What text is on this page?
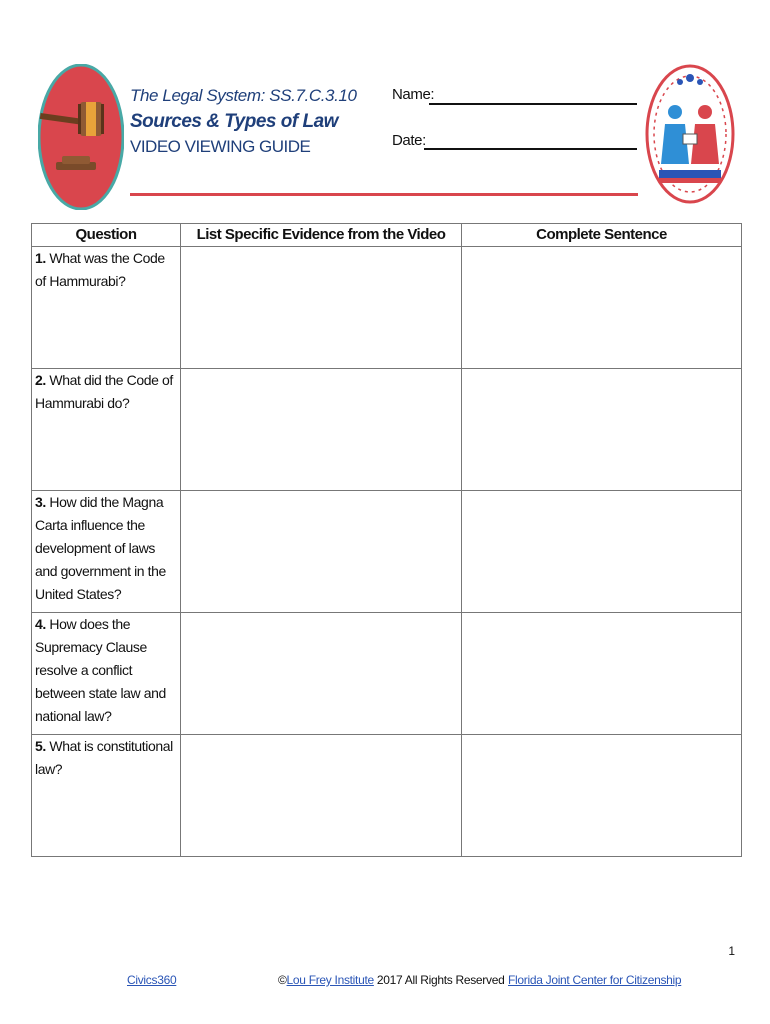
The Legal System: SS.7.C.3.10
Sources & Types of Law
VIDEO VIEWING GUIDE
Name:
Date:
Question	List Specific Evidence from the Video	Complete Sentence
1. What was the Code of Hammurabi?		
2. What did the Code of Hammurabi do?		
3. How did the Magna Carta influence the development of laws and government in the United States?		
4. How does the Supremacy Clause resolve a conflict between state law and national law?		
5. What is constitutional law?		
1
Civics360	©Lou Frey Institute 2017 All Rights Reserved Florida Joint Center for Citizenship
